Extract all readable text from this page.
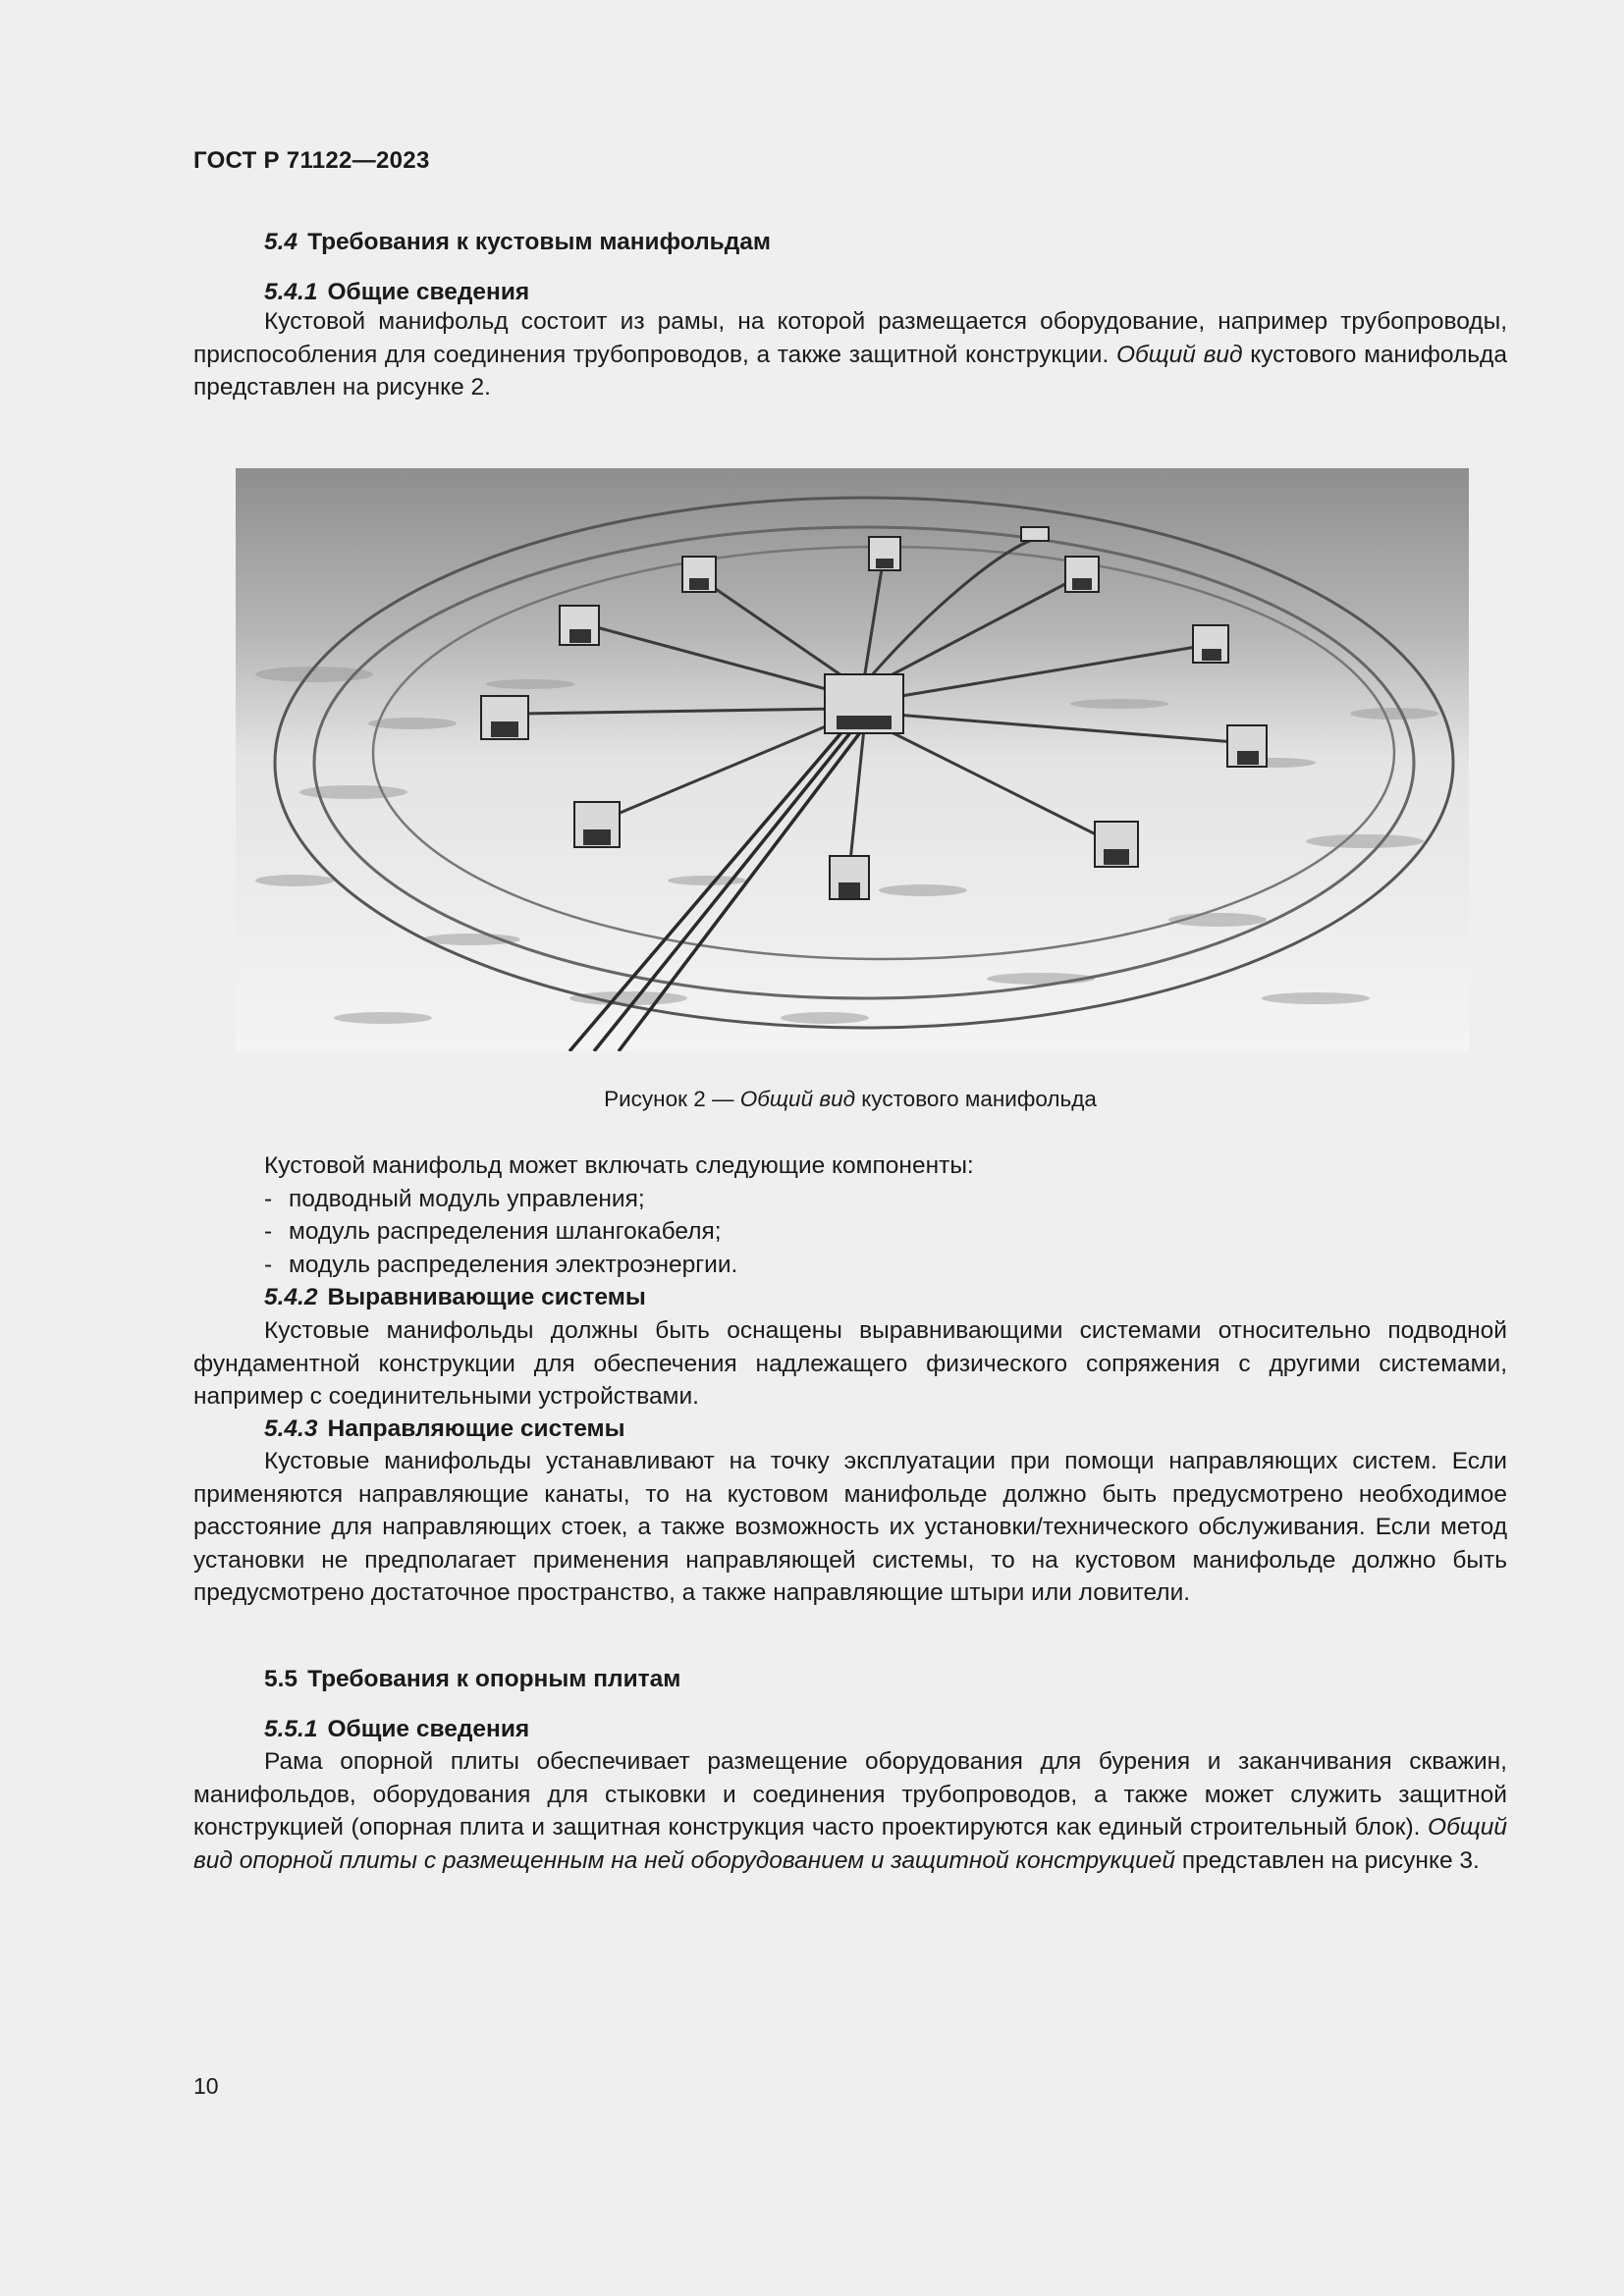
ГОСТ Р 71122—2023
5.4 Требования к кустовым манифольдам
5.4.1 Общие сведения
Кустовой манифольд состоит из рамы, на которой размещается оборудование, например трубопроводы, приспособления для соединения трубопроводов, а также защитной конструкции. Общий вид кустового манифольда представлен на рисунке 2.
Рисунок 2 — Общий вид кустового манифольда
Кустовой манифольд может включать следующие компоненты:
- подводный модуль управления;
- модуль распределения шлангокабеля;
- модуль распределения электроэнергии.
5.4.2 Выравнивающие системы
Кустовые манифольды должны быть оснащены выравнивающими системами относительно подводной фундаментной конструкции для обеспечения надлежащего физического сопряжения с другими системами, например с соединительными устройствами.
5.4.3 Направляющие системы
Кустовые манифольды устанавливают на точку эксплуатации при помощи направляющих систем. Если применяются направляющие канаты, то на кустовом манифольде должно быть предусмотрено необходимое расстояние для направляющих стоек, а также возможность их установки/технического обслуживания. Если метод установки не предполагает применения направляющей системы, то на кустовом манифольде должно быть предусмотрено достаточное пространство, а также направляющие штыри или ловители.
5.5 Требования к опорным плитам
5.5.1 Общие сведения
Рама опорной плиты обеспечивает размещение оборудования для бурения и заканчивания скважин, манифольдов, оборудования для стыковки и соединения трубопроводов, а также может служить защитной конструкцией (опорная плита и защитная конструкция часто проектируются как единый строительный блок). Общий вид опорной плиты с размещенным на ней оборудованием и защитной конструкцией представлен на рисунке 3.
10
